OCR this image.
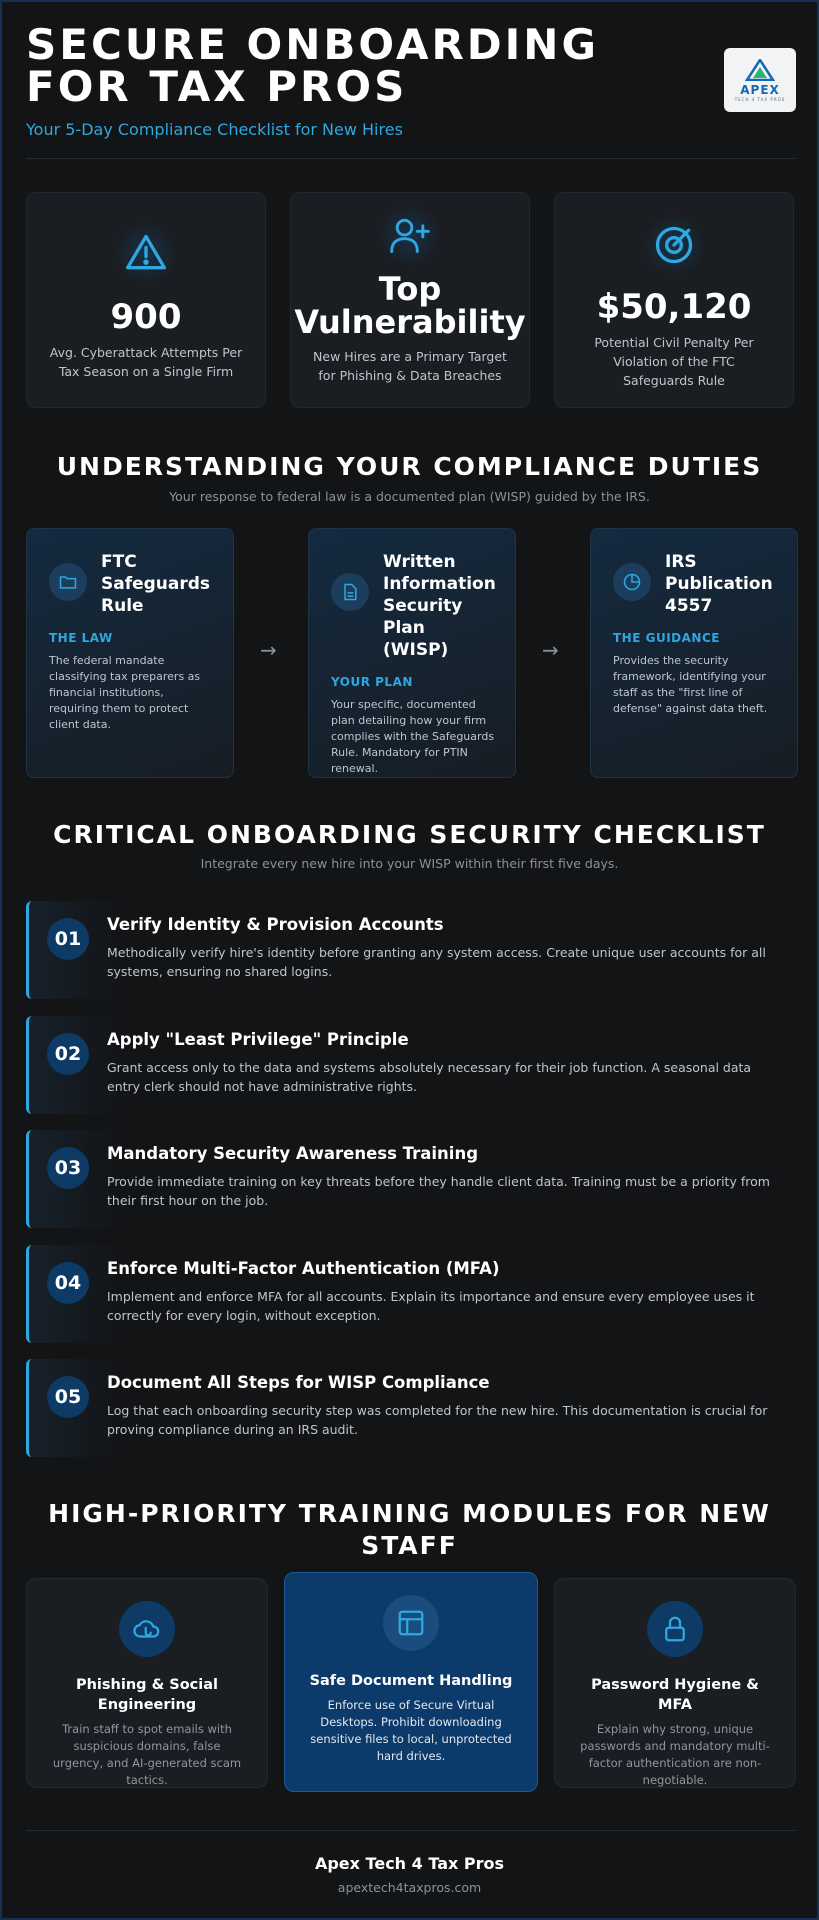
SECURE ONBOARDING FOR TAX PROS
Your 5-Day Compliance Checklist for New Hires
APEX
TECH 4 TAX PROS
900
Avg. Cyberattack Attempts Per Tax Season on a Single Firm
Top Vulnerability
New Hires are a Primary Target for Phishing & Data Breaches
$50,120
Potential Civil Penalty Per Violation of the FTC Safeguards Rule
UNDERSTANDING YOUR COMPLIANCE DUTIES
Your response to federal law is a documented plan (WISP) guided by the IRS.
FTC Safeguards Rule
THE LAW
The federal mandate classifying tax preparers as financial institutions, requiring them to protect client data.
→
Written Information Security Plan (WISP)
YOUR PLAN
Your specific, documented plan detailing how your firm complies with the Safeguards Rule. Mandatory for PTIN renewal.
→
IRS Publication 4557
THE GUIDANCE
Provides the security framework, identifying your staff as the "first line of defense" against data theft.
CRITICAL ONBOARDING SECURITY CHECKLIST
Integrate every new hire into your WISP within their first five days.
01
Verify Identity & Provision Accounts
Methodically verify hire's identity before granting any system access. Create unique user accounts for all systems, ensuring no shared logins.
02
Apply "Least Privilege" Principle
Grant access only to the data and systems absolutely necessary for their job function. A seasonal data entry clerk should not have administrative rights.
03
Mandatory Security Awareness Training
Provide immediate training on key threats before they handle client data. Training must be a priority from their first hour on the job.
04
Enforce Multi-Factor Authentication (MFA)
Implement and enforce MFA for all accounts. Explain its importance and ensure every employee uses it correctly for every login, without exception.
05
Document All Steps for WISP Compliance
Log that each onboarding security step was completed for the new hire. This documentation is crucial for proving compliance during an IRS audit.
HIGH-PRIORITY TRAINING MODULES FOR NEW STAFF
Phishing & Social Engineering
Train staff to spot emails with suspicious domains, false urgency, and AI-generated scam tactics.
Safe Document Handling
Enforce use of Secure Virtual Desktops. Prohibit downloading sensitive files to local, unprotected hard drives.
Password Hygiene & MFA
Explain why strong, unique passwords and mandatory multi-factor authentication are non-negotiable.
Apex Tech 4 Tax Pros
apextech4taxpros.com
